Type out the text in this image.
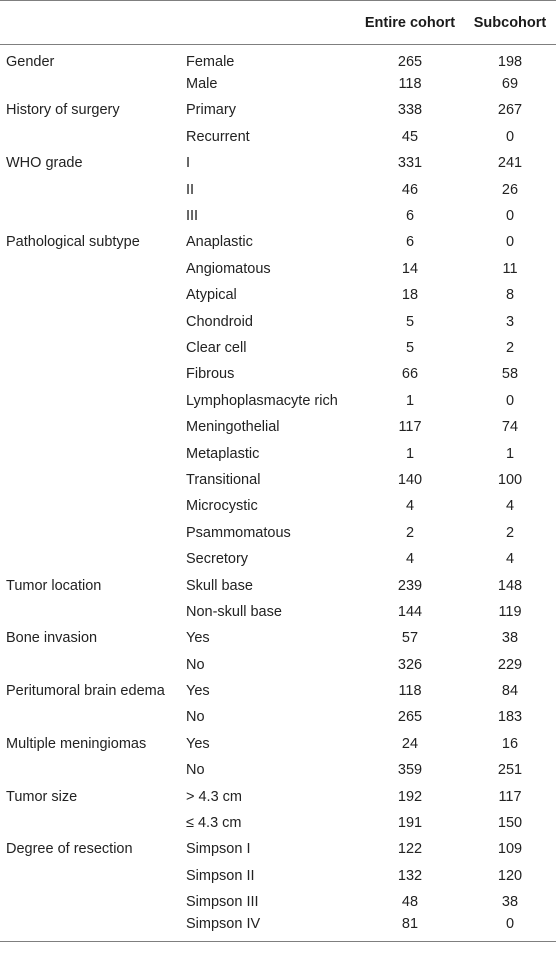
		Entire cohort	Subcohort
Gender	Female	265	198
	Male	118	69
History of surgery	Primary	338	267
	Recurrent	45	0
WHO grade	I	331	241
	II	46	26
	III	6	0
Pathological subtype	Anaplastic	6	0
	Angiomatous	14	11
	Atypical	18	8
	Chondroid	5	3
	Clear cell	5	2
	Fibrous	66	58
	Lymphoplasmacyte rich	1	0
	Meningothelial	117	74
	Metaplastic	1	1
	Transitional	140	100
	Microcystic	4	4
	Psammomatous	2	2
	Secretory	4	4
Tumor location	Skull base	239	148
	Non-skull base	144	119
Bone invasion	Yes	57	38
	No	326	229
Peritumoral brain edema	Yes	118	84
	No	265	183
Multiple meningiomas	Yes	24	16
	No	359	251
Tumor size	> 4.3 cm	192	117
	≤ 4.3 cm	191	150
Degree of resection	Simpson I	122	109
	Simpson II	132	120
	Simpson III	48	38
	Simpson IV	81	0
